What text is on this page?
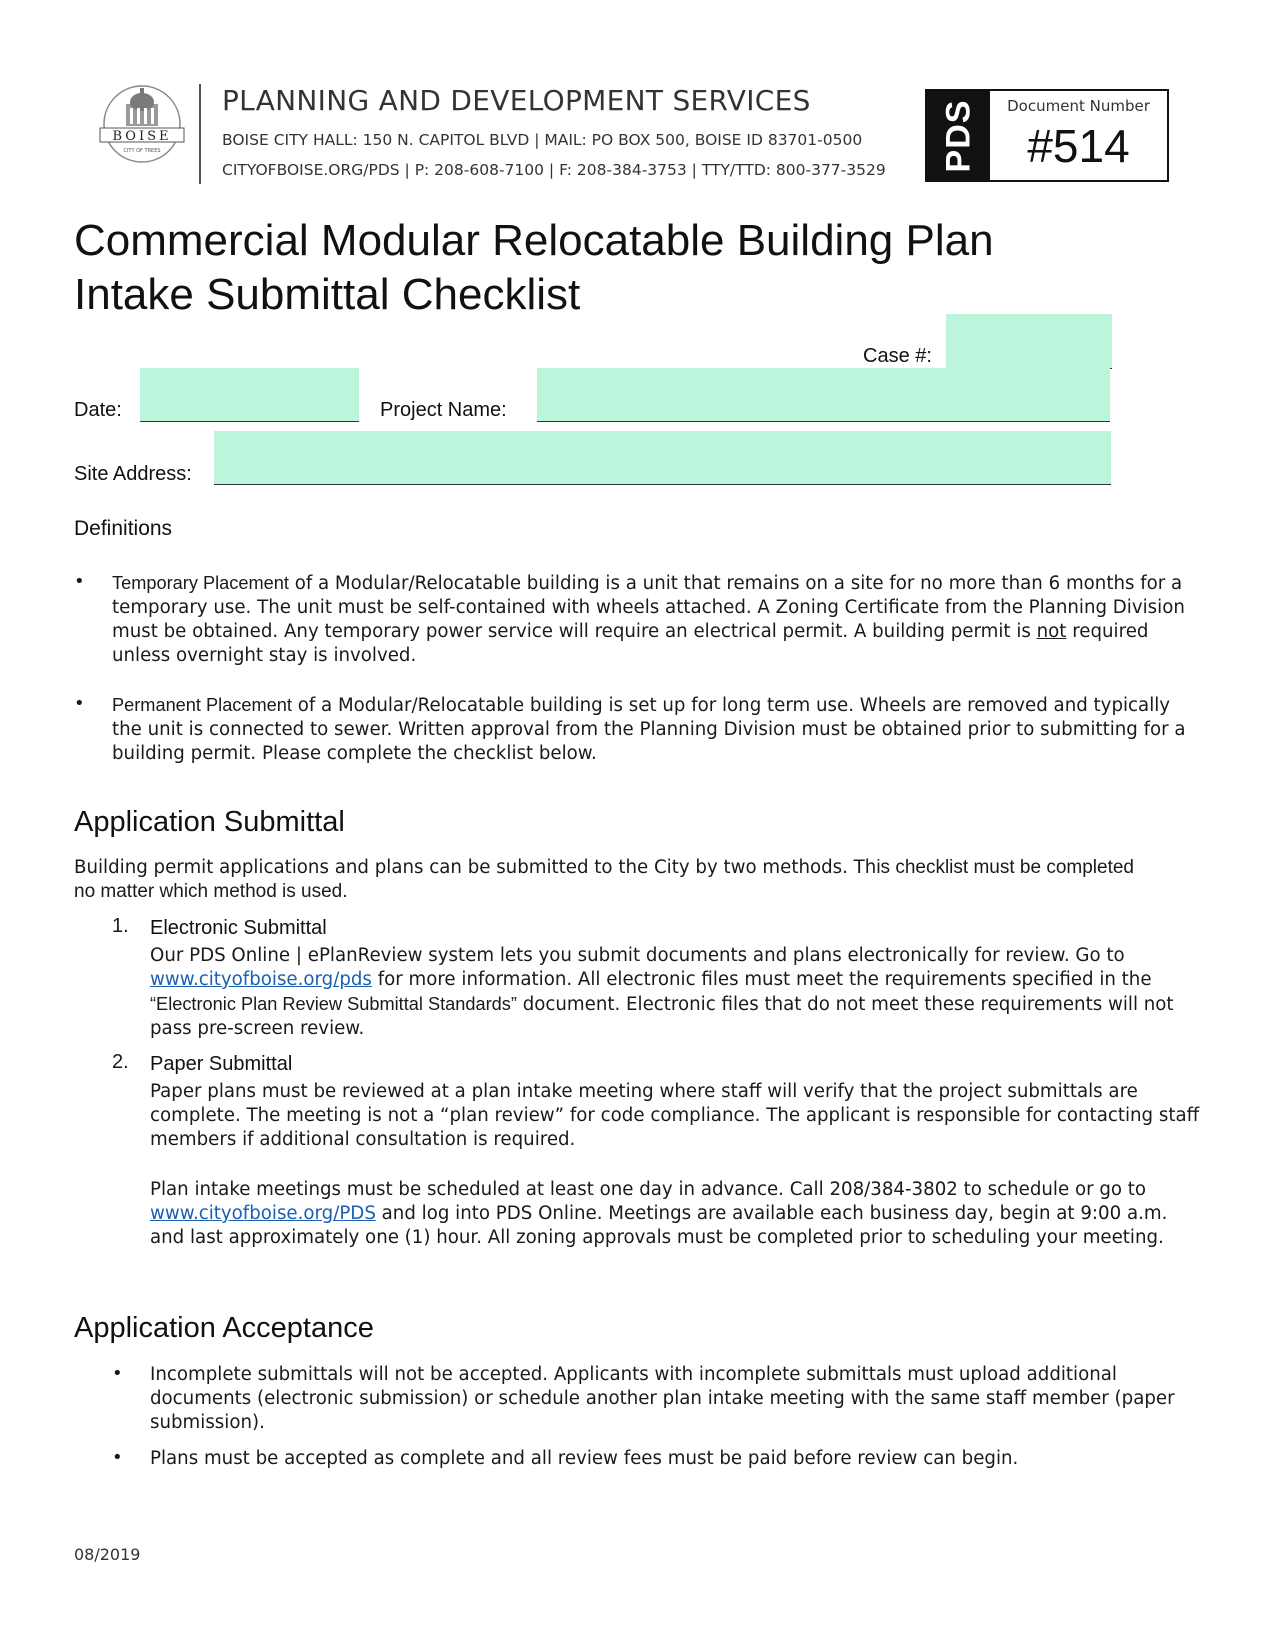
BOISE
CITY OF TREES
PLANNING AND DEVELOPMENT SERVICES
BOISE CITY HALL: 150 N. CAPITOL BLVD | MAIL: PO BOX 500, BOISE ID 83701-0500
CITYOFBOISE.ORG/PDS | P: 208-608-7100 | F: 208-384-3753 | TTY/TTD: 800-377-3529 PDS	Document Number
#514
Commercial Modular Relocatable Building Plan
Intake Submittal Checklist
Case #:
Date:	Project Name:
Site Address:
Definitions
• Temporary Placement of a Modular/Relocatable building is a unit that remains on a site for no more than 6 months for a temporary use. The unit must be self-contained with wheels attached. A Zoning Certificate from the Planning Division must be obtained. Any temporary power service will require an electrical permit. A building permit is not required unless overnight stay is involved.
• Permanent Placement of a Modular/Relocatable building is set up for long term use. Wheels are removed and typically the unit is connected to sewer. Written approval from the Planning Division must be obtained prior to submitting for a building permit. Please complete the checklist below.
Application Submittal
Building permit applications and plans can be submitted to the City by two methods. This checklist must be completed no matter which method is used.
1. Electronic Submittal
Our PDS Online | ePlanReview system lets you submit documents and plans electronically for review. Go to www.cityofboise.org/pds for more information. All electronic files must meet the requirements specified in the “Electronic Plan Review Submittal Standards” document. Electronic files that do not meet these requirements will not pass pre-screen review.
2. Paper Submittal
Paper plans must be reviewed at a plan intake meeting where staff will verify that the project submittals are complete. The meeting is not a “plan review” for code compliance. The applicant is responsible for contacting staff members if additional consultation is required.
Plan intake meetings must be scheduled at least one day in advance. Call 208/384-3802 to schedule or go to www.cityofboise.org/PDS and log into PDS Online. Meetings are available each business day, begin at 9:00 a.m. and last approximately one (1) hour. All zoning approvals must be completed prior to scheduling your meeting.
Application Acceptance
• Incomplete submittals will not be accepted. Applicants with incomplete submittals must upload additional documents (electronic submission) or schedule another plan intake meeting with the same staff member (paper submission).
• Plans must be accepted as complete and all review fees must be paid before review can begin.
08/2019
